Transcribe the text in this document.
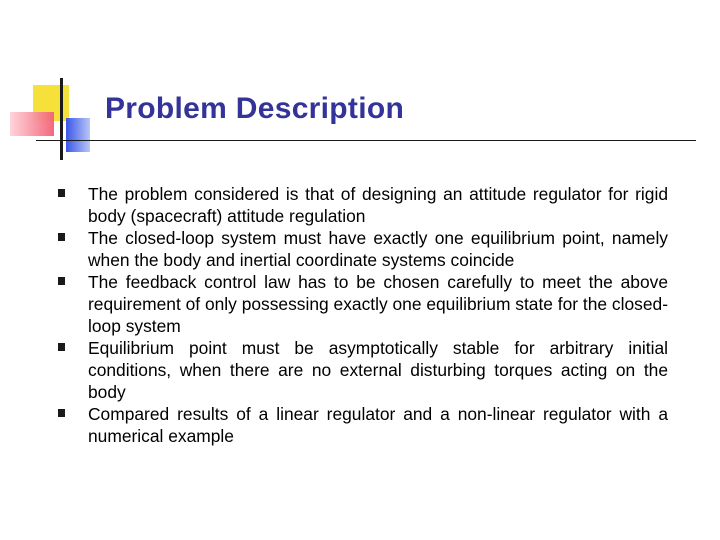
Problem Description
The problem considered is that of designing an attitude regulator for rigid body (spacecraft) attitude regulation
The closed-loop system must have exactly one equilibrium point, namely when the body and inertial coordinate systems coincide
The feedback control law has to be chosen carefully to meet the above requirement of only possessing exactly one equilibrium state for the closed-loop system
Equilibrium point must be asymptotically stable for arbitrary initial conditions, when there are no external disturbing torques acting on the body
Compared results of a linear regulator and a non-linear regulator with a numerical example
